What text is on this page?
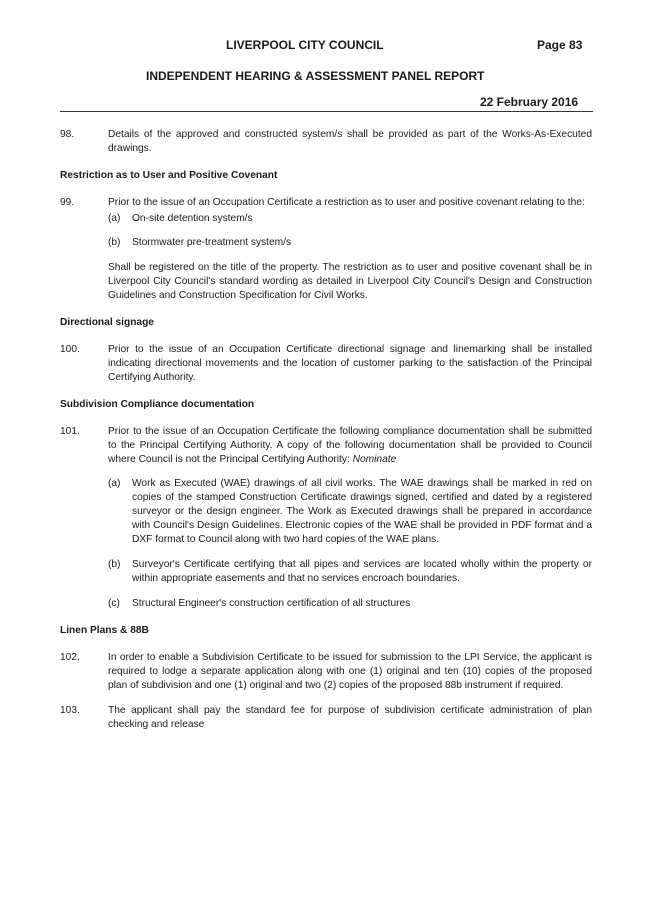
LIVERPOOL CITY COUNCIL	Page 83
INDEPENDENT HEARING & ASSESSMENT PANEL REPORT
22 February 2016
98.	Details of the approved and constructed system/s shall be provided as part of the Works-As-Executed drawings.

Restriction as to User and Positive Covenant
99.	Prior to the issue of an Occupation Certificate a restriction as to user and positive covenant relating to the:

(a) On-site detention system/s

(b) Stormwater pre-treatment system/s

Shall be registered on the title of the property. The restriction as to user and positive covenant shall be in Liverpool City Council's standard wording as detailed in Liverpool City Council's Design and Construction Guidelines and Construction Specification for Civil Works.

Directional signage
100.	Prior to the issue of an Occupation Certificate directional signage and linemarking shall be installed indicating directional movements and the location of customer parking to the satisfaction of the Principal Certifying Authority.

Subdivision Compliance documentation
101.	Prior to the issue of an Occupation Certificate the following compliance documentation shall be submitted to the Principal Certifying Authority. A copy of the following documentation shall be provided to Council where Council is not the Principal Certifying Authority: Nominate

(a) Work as Executed (WAE) drawings of all civil works. The WAE drawings shall be marked in red on copies of the stamped Construction Certificate drawings signed, certified and dated by a registered surveyor or the design engineer. The Work as Executed drawings shall be prepared in accordance with Council's Design Guidelines. Electronic copies of the WAE shall be provided in PDF format and a DXF format to Council along with two hard copies of the WAE plans.

(b) Surveyor's Certificate certifying that all pipes and services are located wholly within the property or within appropriate easements and that no services encroach boundaries.

(c) Structural Engineer's construction certification of all structures

Linen Plans & 88B
102.	In order to enable a Subdivision Certificate to be issued for submission to the LPI Service, the applicant is required to lodge a separate application along with one (1) original and ten (10) copies of the proposed plan of subdivision and one (1) original and two (2) copies of the proposed 88b instrument if required.

103.	The applicant shall pay the standard fee for purpose of subdivision certificate administration of plan checking and release
